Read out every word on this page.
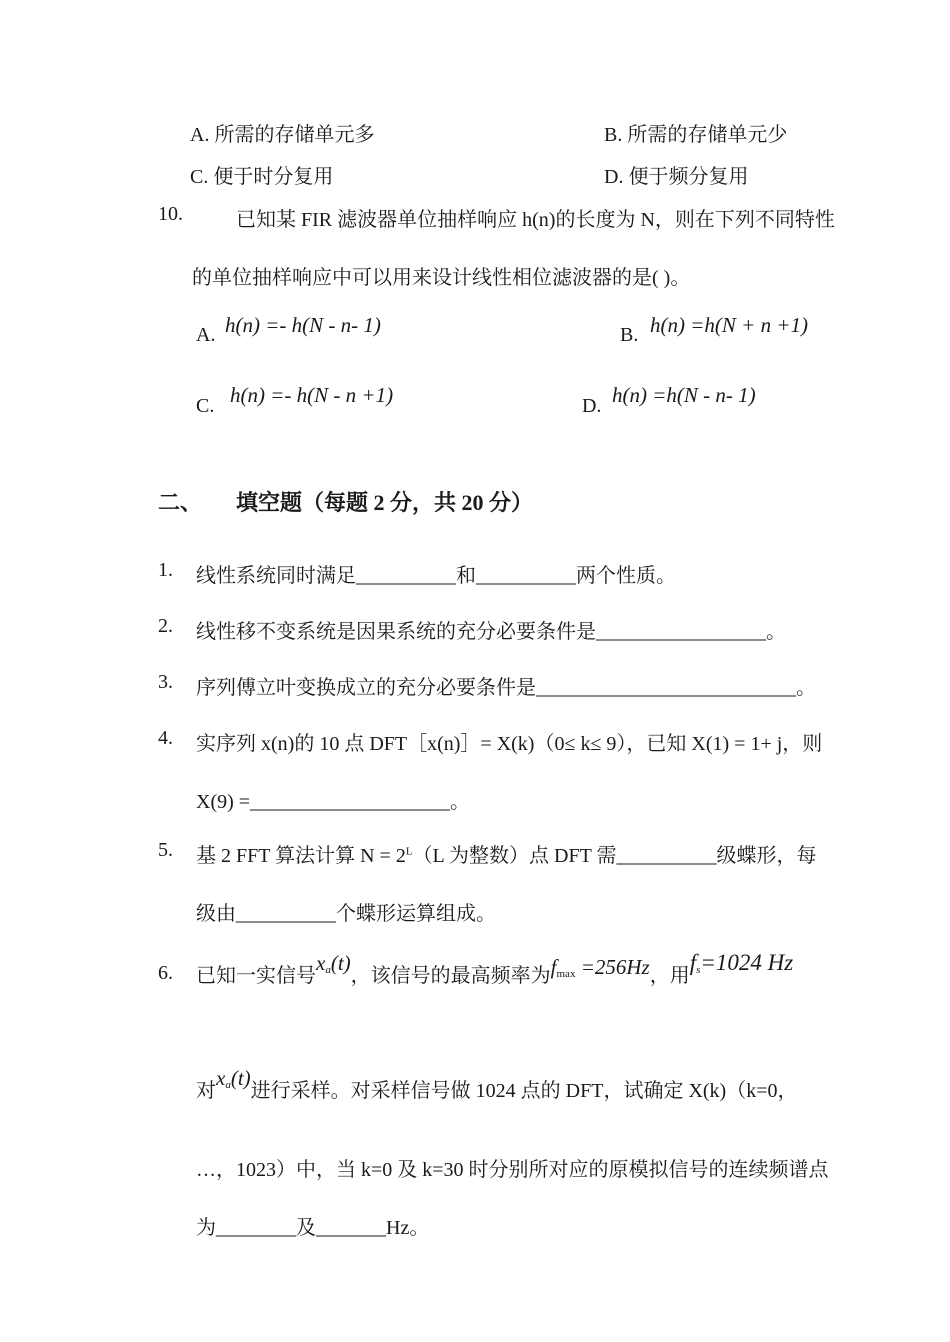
A. 所需的存储单元多	B. 所需的存储单元少
C. 便于时分复用	D. 便于频分复用
10.	已知某 FIR 滤波器单位抽样响应 h(n)的长度为 N，则在下列不同特性
的单位抽样响应中可以用来设计线性相位滤波器的是( )。
A. h(n) =- h(N - n- 1)	B. h(n) =h(N + n +1)
C. h(n) =- h(N - n +1)	D. h(n) =h(N - n- 1)
二、 填空题（每题 2 分，共 20 分）
1. 线性系统同时满足__________和__________两个性质。
2. 线性移不变系统是因果系统的充分必要条件是_________________。
3. 序列傅立叶变换成立的充分必要条件是__________________________。
4. 实序列 x(n)的 10 点 DFT［x(n)］= X(k)（0≤ k≤ 9），已知 X(1) = 1+ j，则
X(9) =____________________。
5. 基 2 FFT 算法计算 $N = 2^L(L$ 为整数）点 DFT 需__________级蝶形，每
级由__________个蝶形运算组成。
6. 已知一实信号$x_a(t)$，该信号的最高频率为$f_{max} =256Hz$，用$f_s=1024$ Hz
对$x_a(t)$进行采样。对采样信号做 1024 点的 DFT，试确定 X(k)（k=0，
…，1023）中，当 k=0 及 k=30 时分别所对应的原模拟信号的连续频谱点
为________及_______Hz。
